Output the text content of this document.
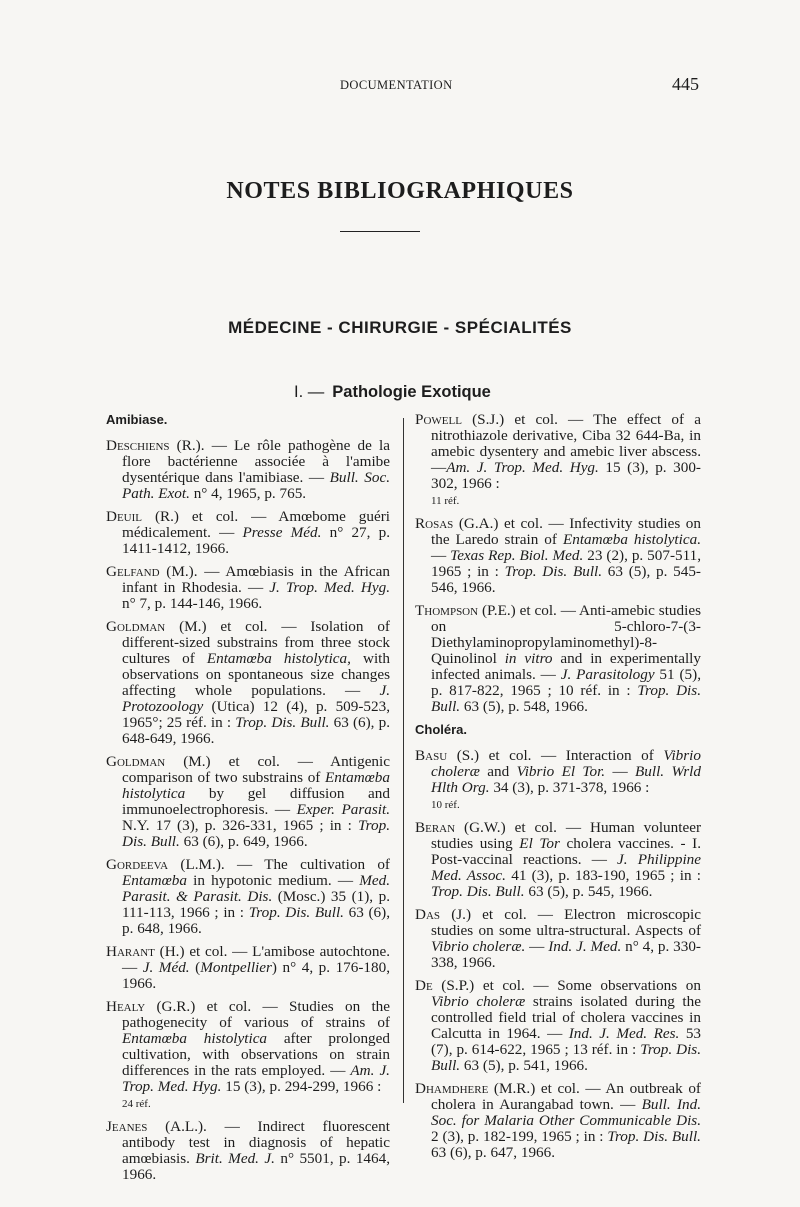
DOCUMENTATION	445
NOTES BIBLIOGRAPHIQUES
MÉDECINE - CHIRURGIE - SPÉCIALITÉS
I. — Pathologie Exotique
Amibiase.

Deschiens (R.). — Le rôle pathogène de la flore bactérienne associée à l'amibe dysentérique dans l'amibiase. — Bull. Soc. Path. Exot. n° 4, 1965, p. 765.

Deuil (R.) et col. — Amœbome guéri médicalement. — Presse Méd. n° 27, p. 1411-1412, 1966.

Gelfand (M.). — Amœbiasis in the African infant in Rhodesia. — J. Trop. Med. Hyg. n° 7, p. 144-146, 1966.

Goldman (M.) et col. — Isolation of different-sized substrains from three stock cultures of Entamœba histolytica, with observations on spontaneous size changes affecting whole populations. — J. Protozoology (Utica) 12 (4), p. 509-523, 1965°; 25 réf. in : Trop. Dis. Bull. 63 (6), p. 648-649, 1966.

Goldman (M.) et col. — Antigenic comparison of two substrains of Entamœba histolytica by gel diffusion and immunoelectrophoresis. — Exper. Parasit. N.Y. 17 (3), p. 326-331, 1965 ; in : Trop. Dis. Bull. 63 (6), p. 649, 1966.

Gordeeva (L.M.). — The cultivation of Entamœba in hypotonic medium. — Med. Parasit. & Parasit. Dis. (Mosc.) 35 (1), p. 111-113, 1966 ; in : Trop. Dis. Bull. 63 (6), p. 648, 1966.

Harant (H.) et col. — L'amibose autochtone. — J. Méd. (Montpellier) n° 4, p. 176-180, 1966.

Healy (G.R.) et col. — Studies on the pathogenecity of various of strains of Entamœba histolytica after prolonged cultivation, with observations on strain differences in the rats employed. — Am. J. Trop. Med. Hyg. 15 (3), p. 294-299, 1966 :
24 réf.

Jeanes (A.L.). — Indirect fluorescent antibody test in diagnosis of hepatic amœbiasis. Brit. Med. J. n° 5501, p. 1464, 1966.

Powell (S.J.) et col. — The effect of a nitrothiazole derivative, Ciba 32 644-Ba, in amebic dysentery and amebic liver abscess. —Am. J. Trop. Med. Hyg. 15 (3), p. 300-302, 1966 :
11 réf.

Rosas (G.A.) et col. — Infectivity studies on the Laredo strain of Entamœba histolytica. — Texas Rep. Biol. Med. 23 (2), p. 507-511, 1965 ; in : Trop. Dis. Bull. 63 (5), p. 545-546, 1966.

Thompson (P.E.) et col. — Anti-amebic studies on 5-chloro-7-(3-Diethylaminopropylaminomethyl)-8-Quinolinol in vitro and in experimentally infected animals. — J. Parasitology 51 (5), p. 817-822, 1965 ; 10 réf. in : Trop. Dis. Bull. 63 (5), p. 548, 1966.

Choléra.

Basu (S.) et col. — Interaction of Vibrio choleræ and Vibrio El Tor. — Bull. Wrld Hlth Org. 34 (3), p. 371-378, 1966 :
10 réf.

Beran (G.W.) et col. — Human volunteer studies using El Tor cholera vaccines. - I. Post-vaccinal reactions. — J. Philippine Med. Assoc. 41 (3), p. 183-190, 1965 ; in : Trop. Dis. Bull. 63 (5), p. 545, 1966.

Das (J.) et col. — Electron microscopic studies on some ultra-structural. Aspects of Vibrio choleræ. — Ind. J. Med. n° 4, p. 330-338, 1966.

De (S.P.) et col. — Some observations on Vibrio choleræ strains isolated during the controlled field trial of cholera vaccines in Calcutta in 1964. — Ind. J. Med. Res. 53 (7), p. 614-622, 1965 ; 13 réf. in : Trop. Dis. Bull. 63 (5), p. 541, 1966.

Dhamdhere (M.R.) et col. — An outbreak of cholera in Aurangabad town. — Bull. Ind. Soc. for Malaria Other Communicable Dis. 2 (3), p. 182-199, 1965 ; in : Trop. Dis. Bull. 63 (6), p. 647, 1966.
